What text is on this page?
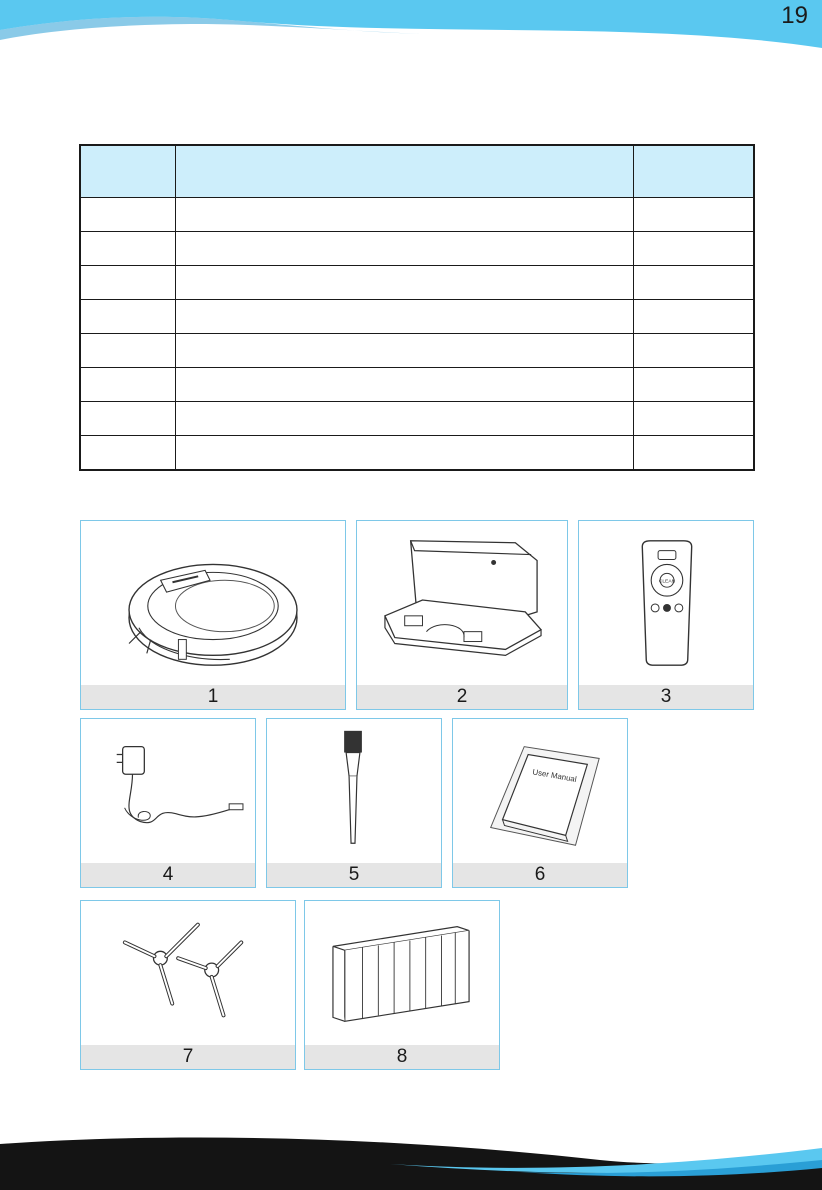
19

1	2
CLEAN
3
4	5
User Manual
6
7	8
